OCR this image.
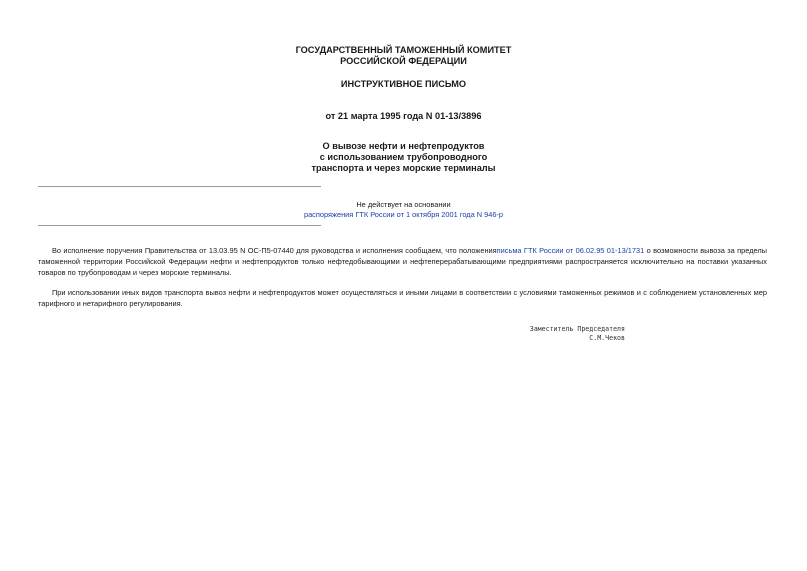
ГОСУДАРСТВЕННЫЙ ТАМОЖЕННЫЙ КОМИТЕТ
РОССИЙСКОЙ ФЕДЕРАЦИИ
ИНСТРУКТИВНОЕ ПИСЬМО
от 21 марта 1995 года N 01-13/3896
О вывозе нефти и нефтепродуктов
с использованием трубопроводного
транспорта и через морские терминалы
Не действует на основании
распоряжения ГТК России от 1 октября 2001 года N 946-р
Во исполнение поручения Правительства от 13.03.95 N ОС-П5-07440 для руководства и исполнения сообщаем, что положенияписьма ГТК России от 06.02.95 01-13/1731 о возможности вывоза за пределы таможенной территории Российской Федерации нефти и нефтепродуктов только нефтедобывающими и нефтеперерабатывающими предприятиями распространяется исключительно на поставки указанных товаров по трубопроводам и через морские терминалы.
При использовании иных видов транспорта вывоз нефти и нефтепродуктов может осуществляться и иными лицами в соответствии с условиями таможенных режимов и с соблюдением установленных мер тарифного и нетарифного регулирования.
Заместитель Председателя
С.М.Чеков
